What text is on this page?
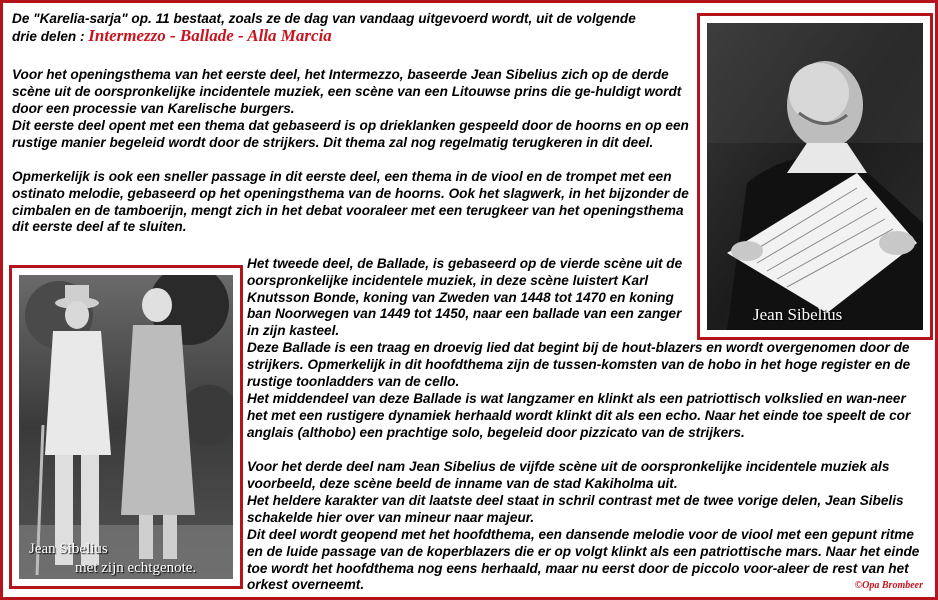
De "Karelia-sarja" op. 11 bestaat, zoals ze de dag van vandaag uitgevoerd wordt, uit de volgende
drie delen : Intermezzo - Ballade - Alla Marcia

Voor het openingsthema van het eerste deel, het Intermezzo, baseerde Jean Sibelius zich op de derde scène uit de oorspronkelijke incidentele muziek, een scène van een Litouwse prins die ge-huldigt wordt door een processie van Karelische burgers.

Dit eerste deel opent met een thema dat gebaseerd is op drieklanken gespeeld door de hoorns en op een rustige manier begeleid wordt door de strijkers. Dit thema zal nog regelmatig terugkeren in dit deel.

Opmerkelijk is ook een sneller passage in dit eerste deel, een thema in de viool en de trompet met een ostinato melodie, gebaseerd op het openingsthema van de hoorns. Ook het slagwerk, in het bijzonder de cimbalen en de tamboerijn, mengt zich in het debat vooraleer met een terugkeer van het openingsthema dit eerste deel af te sluiten.

Jean Sibelius
Jean Sibelius
met zijn echtgenote.

Het tweede deel, de Ballade, is gebaseerd op de vierde scène uit de oorspronkelijke incidentele muziek, in deze scène luistert Karl Knutsson Bonde, koning van Zweden van 1448 tot 1470 en koning ban Noorwegen van 1449 tot 1450, naar een ballade van een zanger in zijn kasteel.

Deze Ballade is een traag en droevig lied dat begint bij de hout-blazers en wordt overgenomen door de strijkers. Opmerkelijk in dit hoofdthema zijn de tussen-komsten van de hobo in het hoge register en de rustige toonladders van de cello.

Het middendeel van deze Ballade is wat langzamer en klinkt als een patriottisch volkslied en wan-neer het met een rustigere dynamiek herhaald wordt klinkt dit als een echo. Naar het einde toe speelt de cor anglais (althobo) een prachtige solo, begeleid door pizzicato van de strijkers.

Voor het derde deel nam Jean Sibelius de vijfde scène uit de oorspronkelijke incidentele muziek als voorbeeld, deze scène beeld de inname van de stad Kakiholma uit.

Het heldere karakter van dit laatste deel staat in schril contrast met de twee vorige delen, Jean Sibelis schakelde hier over van mineur naar majeur.

Dit deel wordt geopend met het hoofdthema, een dansende melodie voor de viool met een gepunt ritme en de luide passage van de koperblazers die er op volgt klinkt als een patriottische mars. Naar het einde toe wordt het hoofdthema nog eens herhaald, maar nu eerst door de piccolo voor-aleer de rest van het orkest overneemt.	©Opa Brombeer
